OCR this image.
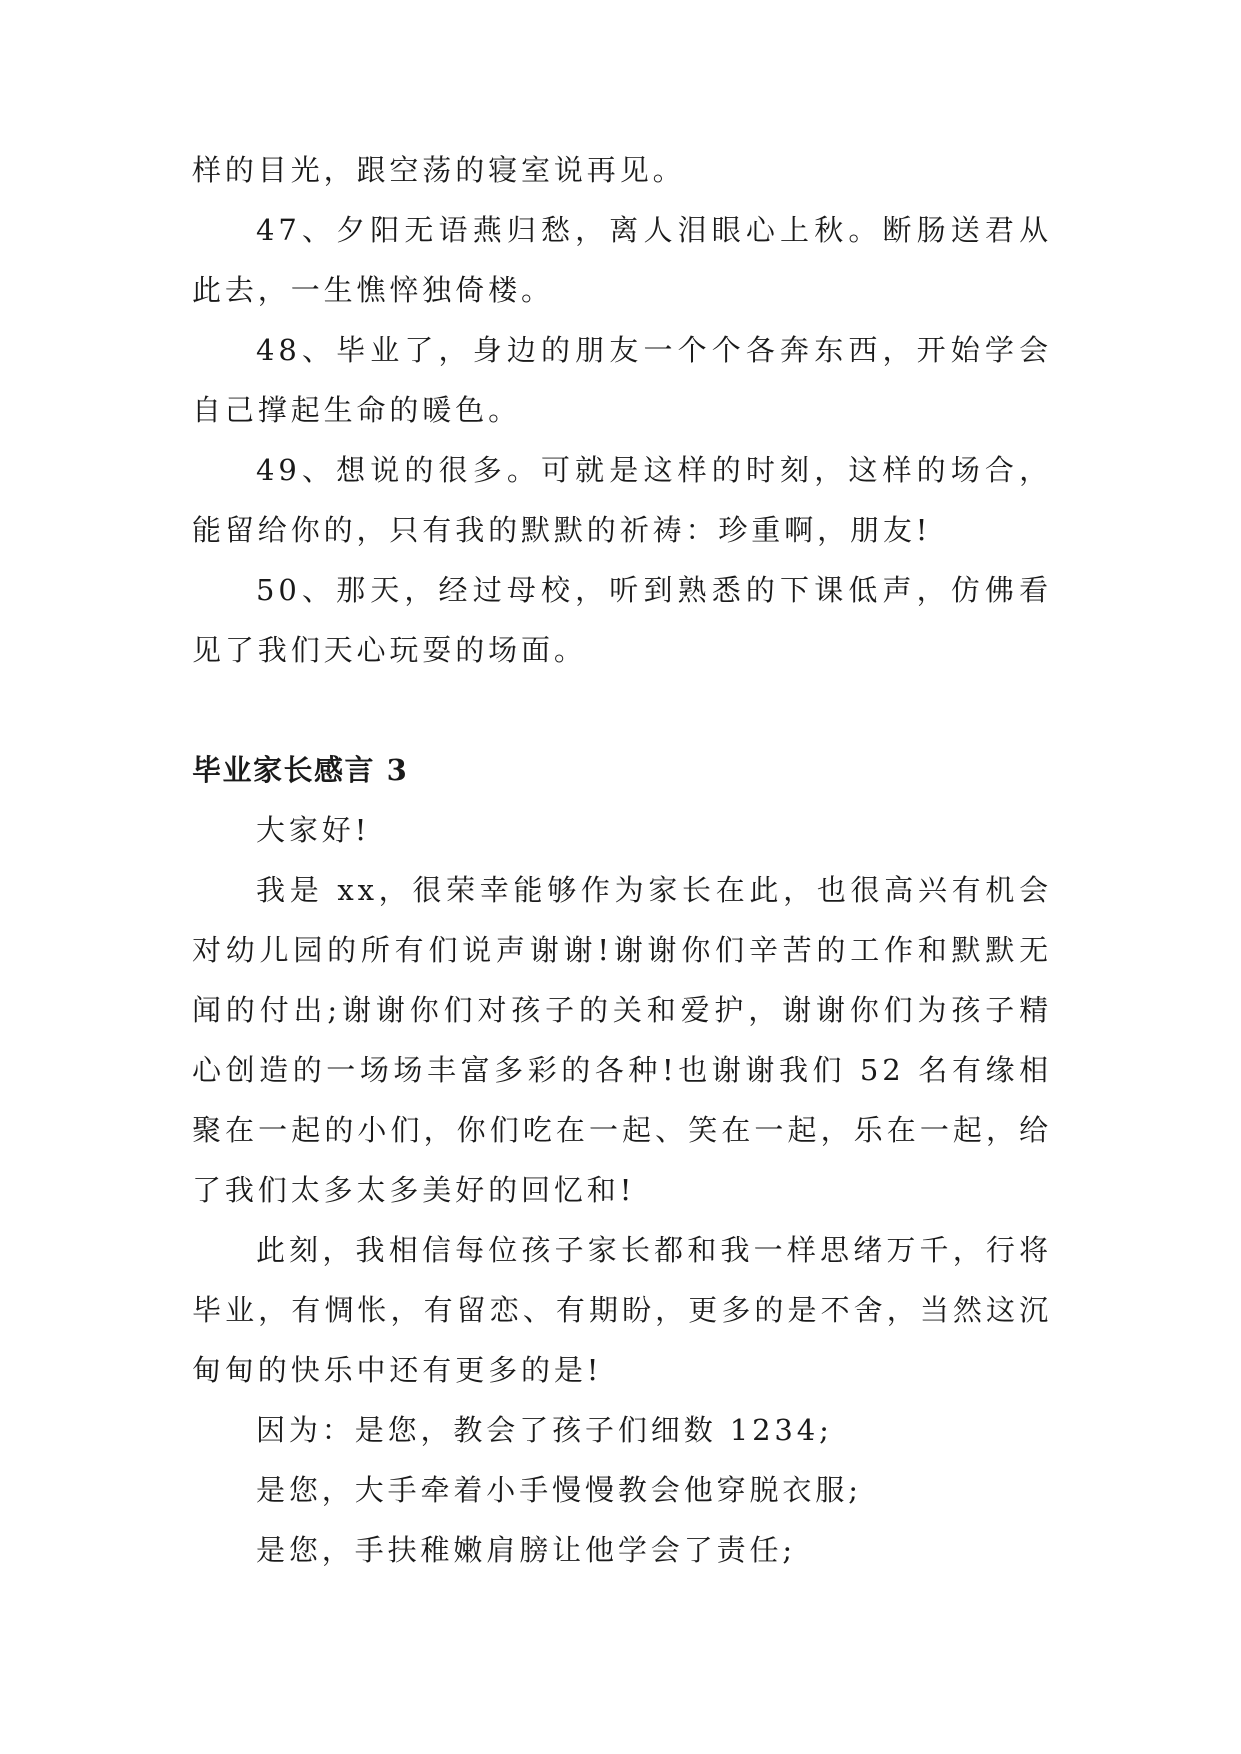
样的目光，跟空荡的寝室说再见。

47、夕阳无语燕归愁，离人泪眼心上秋。断肠送君从此去，一生憔悴独倚楼。

48、毕业了，身边的朋友一个个各奔东西，开始学会自己撑起生命的暖色。

49、想说的很多。可就是这样的时刻，这样的场合，能留给你的，只有我的默默的祈祷：珍重啊，朋友!

50、那天，经过母校，听到熟悉的下课低声，仿佛看见了我们天心玩耍的场面。

毕业家长感言 3

大家好!

我是 xx，很荣幸能够作为家长在此，也很高兴有机会对幼儿园的所有们说声谢谢!谢谢你们辛苦的工作和默默无闻的付出;谢谢你们对孩子的关和爱护，谢谢你们为孩子精心创造的一场场丰富多彩的各种!也谢谢我们 52 名有缘相聚在一起的小们，你们吃在一起、笑在一起，乐在一起，给了我们太多太多美好的回忆和!

此刻，我相信每位孩子家长都和我一样思绪万千，行将毕业，有惆怅，有留恋、有期盼，更多的是不舍，当然这沉甸甸的快乐中还有更多的是!

因为：是您，教会了孩子们细数 1234;

是您，大手牵着小手慢慢教会他穿脱衣服;

是您，手扶稚嫩肩膀让他学会了责任;
